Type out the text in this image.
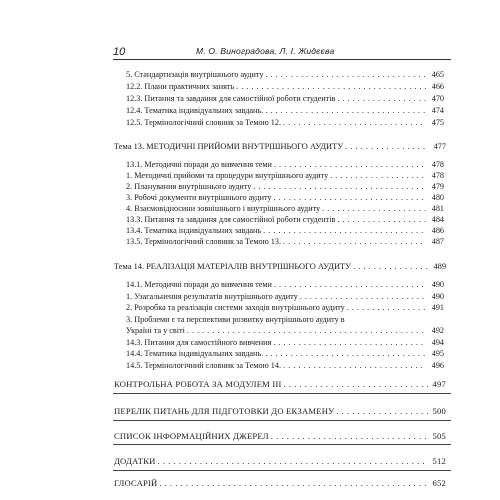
10	М. О. Виноградова, Л. І. Жидєєва
5. Стандартизація внутрішнього аудиту . . .	465
12.2. Плани практичних занять . . .	466
12.3. Питання та завдання для самостійної роботи студентів . . .	470
12.4. Тематика індивідуальних завдань. . . .	474
12.5. Термінологічний словник за Темою 12. . . .	475
Тема 13. МЕТОДИЧНІ ПРИЙОМИ ВНУТРІШНЬОГО АУДИТУ . . .	477
13.1. Методичні поради до вивчення теми . . .	478
1. Методичні прийоми та процедури внутрішнього аудиту . . .	478
2. Планування внутрішнього аудиту . . .	479
3. Робочі документи внутрішнього аудиту . . .	480
4. Взаємовідносини зовнішнього і внутрішнього аудиту . . .	481
13.3. Питання та завдання для самостійної роботи студентів . . .	484
13.4. Тематика індивідуальних завдань . . .	486
13.5. Термінологічний словник за Темою 13. . . .	487
Тема 14. РЕАЛІЗАЦІЯ МАТЕРІАЛІВ ВНУТРІШНЬОГО АУДИТУ . . .	489
14.1. Методичні поради до вивчення теми . . .	490
1. Узагальнення результатів внутрішнього аудиту . . .	490
2. Розробка та реалізація системи заходів внутрішнього аудиту . . .	491
3. Проблеми є та перспективи розвитку внутрішнього аудиту в
Україні та у світі . . .	492
14.3. Питання для самостійного вивчення . . .	494
14.4. Тематика індивідуальних завдань. . . .	495
14.5. Термінологічний словник за Темою 14. . . .	496
КОНТРОЛЬНА РОБОТА ЗА МОДУЛЕМ ІІІ . . .	497
ПЕРЕЛІК ПИТАНЬ ДЛЯ ПІДГОТОВКИ ДО ЕКЗАМЕНУ . . .	500
СПИСОК ІНФОРМАЦІЙНИХ ДЖЕРЕЛ . . .	505
ДОДАТКИ . . .	512
ГЛОСАРІЙ . . .	652
